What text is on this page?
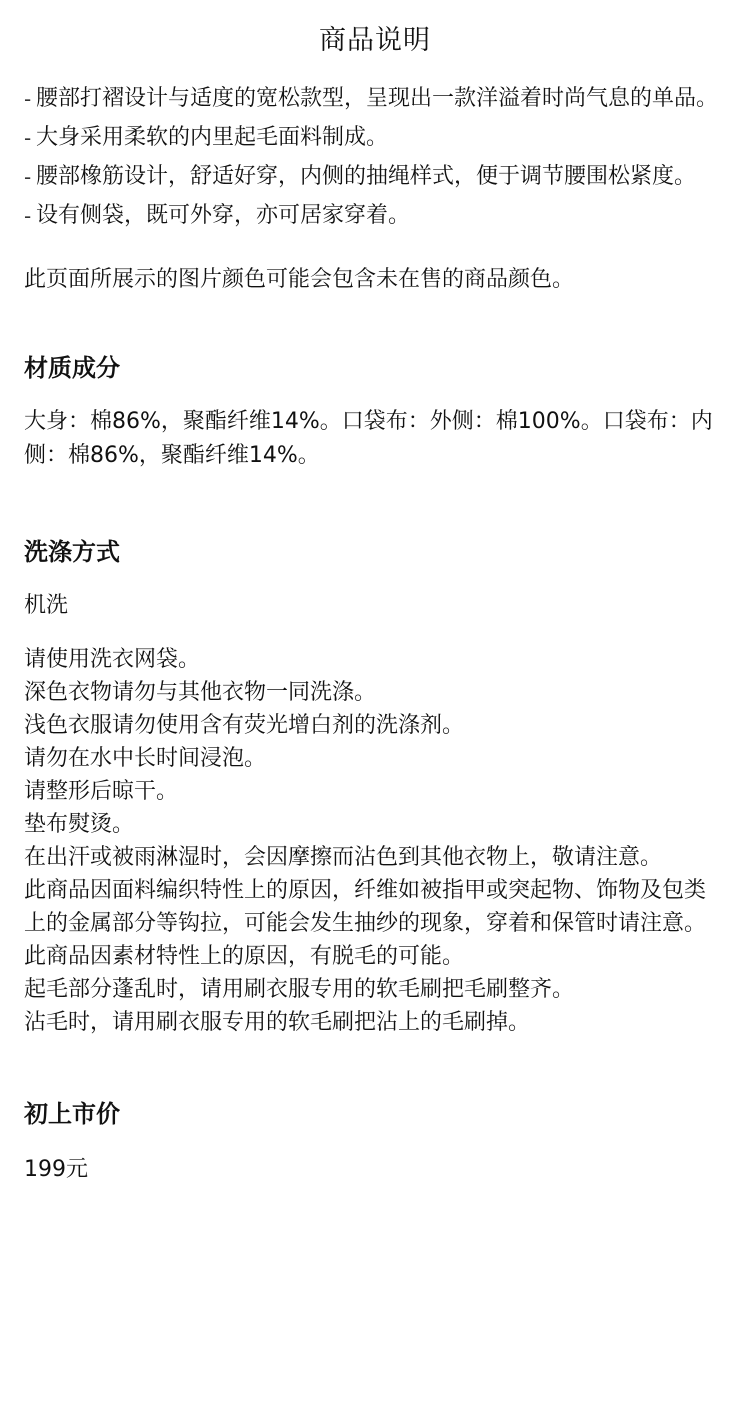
商品说明
- 腰部打褶设计与适度的宽松款型，呈现出一款洋溢着时尚气息的单品。
- 大身采用柔软的内里起毛面料制成。
- 腰部橡筋设计，舒适好穿，内侧的抽绳样式，便于调节腰围松紧度。
- 设有侧袋，既可外穿，亦可居家穿着。

此页面所展示的图片颜色可能会包含未在售的商品颜色。

材质成分

大身：棉86%，聚酯纤维14%。口袋布：外侧：棉100%。口袋布：内侧：棉86%，聚酯纤维14%。

洗涤方式

机洗

请使用洗衣网袋。
深色衣物请勿与其他衣物一同洗涤。
浅色衣服请勿使用含有荧光增白剂的洗涤剂。
请勿在水中长时间浸泡。
请整形后晾干。
垫布熨烫。
在出汗或被雨淋湿时，会因摩擦而沾色到其他衣物上，敬请注意。
此商品因面料编织特性上的原因，纤维如被指甲或突起物、饰物及包类上的金属部分等钩拉，可能会发生抽纱的现象，穿着和保管时请注意。
此商品因素材特性上的原因，有脱毛的可能。
起毛部分蓬乱时，请用刷衣服专用的软毛刷把毛刷整齐。
沾毛时，请用刷衣服专用的软毛刷把沾上的毛刷掉。
初上市价

199元
